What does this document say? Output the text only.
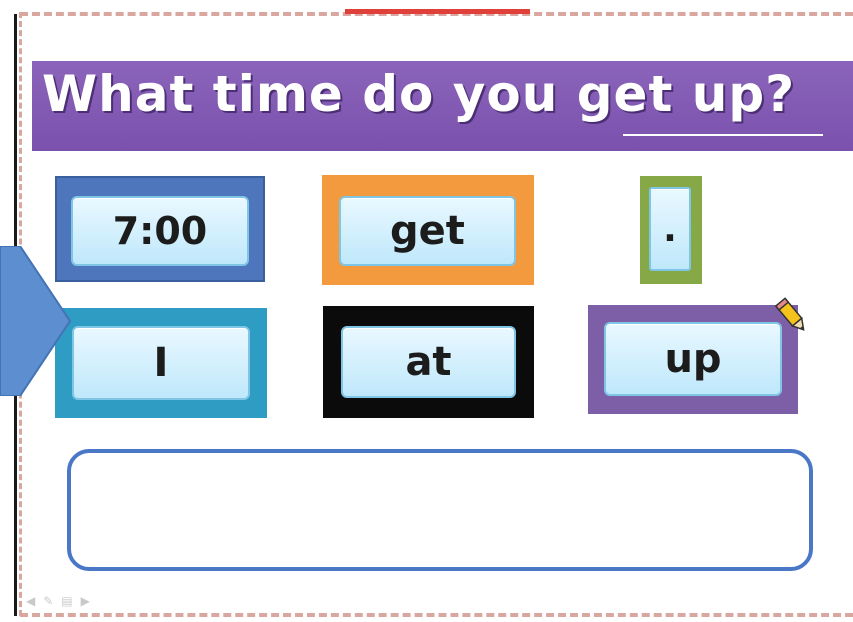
What time do you get up?
7:00	get	.
I	at	up
◀ ✎ ▤ ▶
